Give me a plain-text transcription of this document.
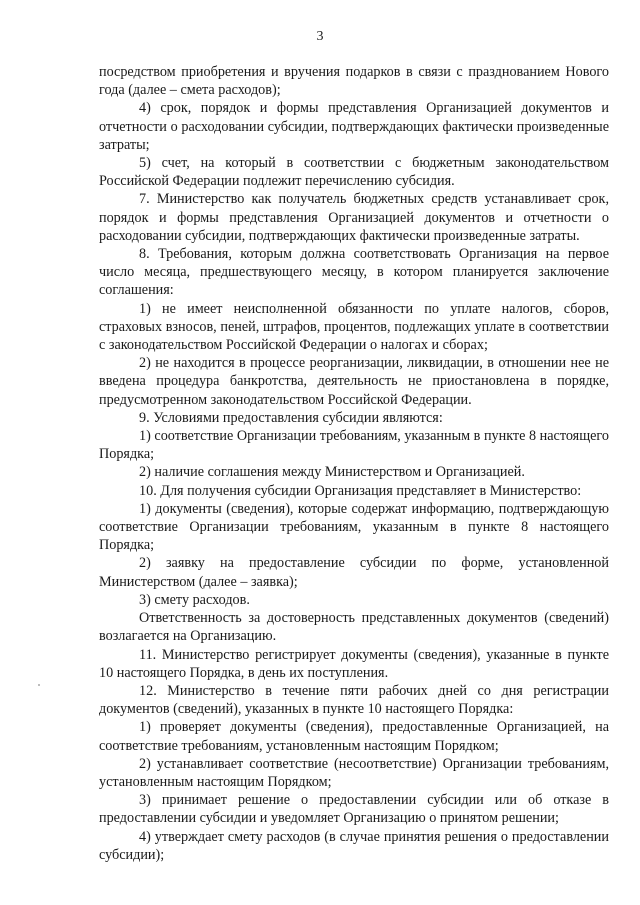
3

посредством приобретения и вручения подарков в связи с празднованием Нового года (далее – смета расходов);

4) срок, порядок и формы представления Организацией документов и отчетности о расходовании субсидии, подтверждающих фактически произведенные затраты;

5) счет, на который в соответствии с бюджетным законодательством Российской Федерации подлежит перечислению субсидия.

7. Министерство как получатель бюджетных средств устанавливает срок, порядок и формы представления Организацией документов и отчетности о расходовании субсидии, подтверждающих фактически произведенные затраты.

8. Требования, которым должна соответствовать Организация на первое число месяца, предшествующего месяцу, в котором планируется заключение соглашения:

1) не имеет неисполненной обязанности по уплате налогов, сборов, страховых взносов, пеней, штрафов, процентов, подлежащих уплате в соответствии с законодательством Российской Федерации о налогах и сборах;

2) не находится в процессе реорганизации, ликвидации, в отношении нее не введена процедура банкротства, деятельность не приостановлена в порядке, предусмотренном законодательством Российской Федерации.

9. Условиями предоставления субсидии являются:

1) соответствие Организации требованиям, указанным в пункте 8 настоящего Порядка;

2) наличие соглашения между Министерством и Организацией.

10. Для получения субсидии Организация представляет в Министерство:

1) документы (сведения), которые содержат информацию, подтверждающую соответствие Организации требованиям, указанным в пункте 8 настоящего Порядка;

2) заявку на предоставление субсидии по форме, установленной Министерством (далее – заявка);

3) смету расходов.

Ответственность за достоверность представленных документов (сведений) возлагается на Организацию.

11. Министерство регистрирует документы (сведения), указанные в пункте 10 настоящего Порядка, в день их поступления.

12. Министерство в течение пяти рабочих дней со дня регистрации документов (сведений), указанных в пункте 10 настоящего Порядка:

1) проверяет документы (сведения), предоставленные Организацией, на соответствие требованиям, установленным настоящим Порядком;

2) устанавливает соответствие (несоответствие) Организации требованиям, установленным настоящим Порядком;

3) принимает решение о предоставлении субсидии или об отказе в предоставлении субсидии и уведомляет Организацию о принятом решении;

4) утверждает смету расходов (в случае принятия решения о предоставлении субсидии);
